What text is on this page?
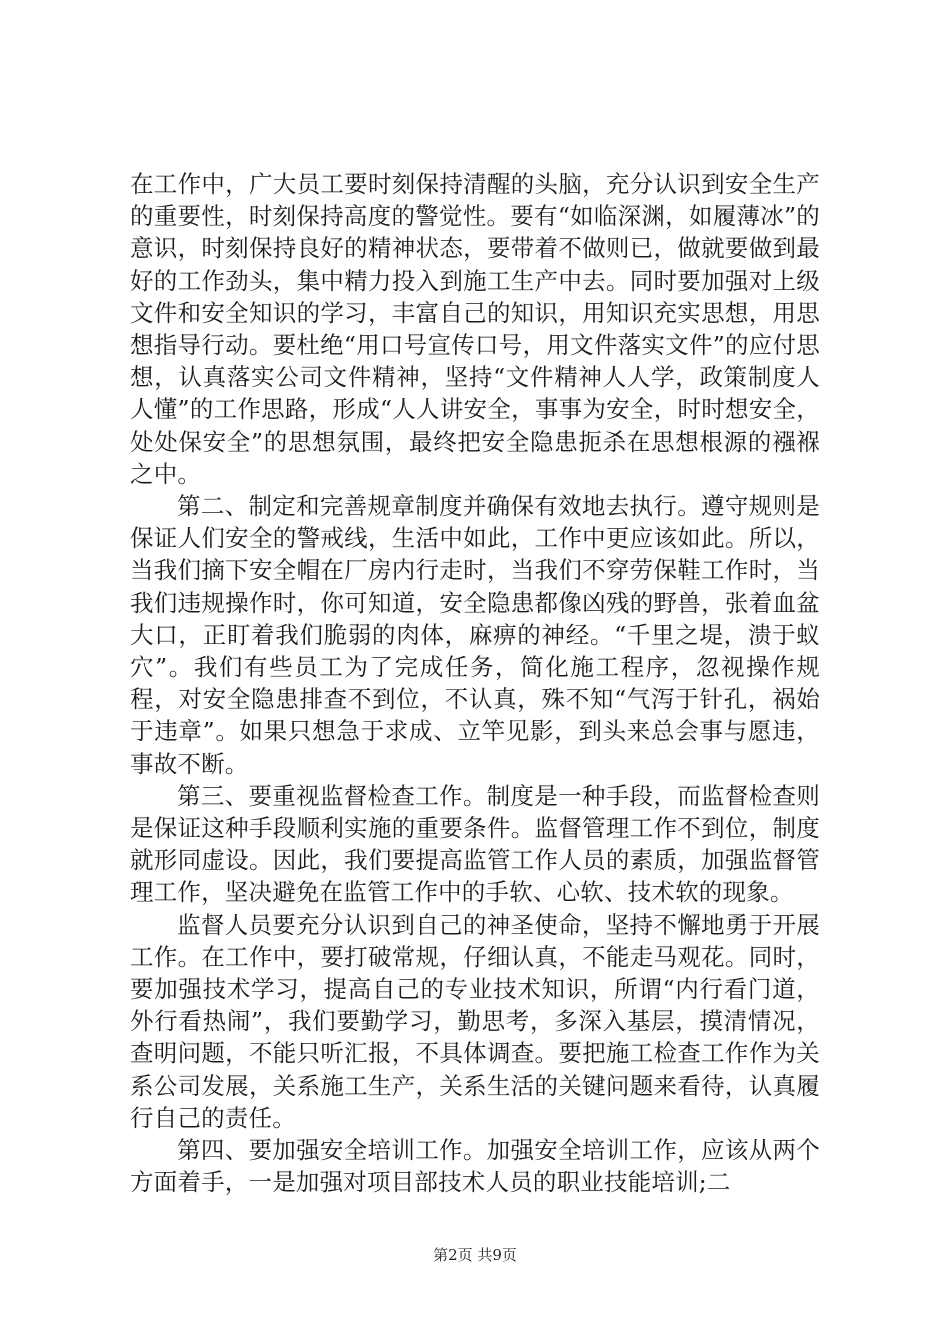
在工作中，广大员工要时刻保持清醒的头脑，充分认识到安全生产的重要性，时刻保持高度的警觉性。要有“如临深渊，如履薄冰”的意识，时刻保持良好的精神状态，要带着不做则已，做就要做到最好的工作劲头，集中精力投入到施工生产中去。同时要加强对上级文件和安全知识的学习，丰富自己的知识，用知识充实思想，用思想指导行动。要杜绝“用口号宣传口号，用文件落实文件”的应付思想，认真落实公司文件精神，坚持“文件精神人人学，政策制度人人懂”的工作思路，形成“人人讲安全，事事为安全，时时想安全，处处保安全”的思想氛围，最终把安全隐患扼杀在思想根源的襁褓之中。

第二、制定和完善规章制度并确保有效地去执行。遵守规则是保证人们安全的警戒线，生活中如此，工作中更应该如此。所以，当我们摘下安全帽在厂房内行走时，当我们不穿劳保鞋工作时，当我们违规操作时，你可知道，安全隐患都像凶残的野兽，张着血盆大口，正盯着我们脆弱的肉体，麻痹的神经。“千里之堤，溃于蚁穴”。我们有些员工为了完成任务，简化施工程序，忽视操作规程，对安全隐患排查不到位，不认真，殊不知“气泻于针孔，祸始于违章”。如果只想急于求成、立竿见影，到头来总会事与愿违，事故不断。

第三、要重视监督检查工作。制度是一种手段，而监督检查则是保证这种手段顺利实施的重要条件。监督管理工作不到位，制度就形同虚设。因此，我们要提高监管工作人员的素质，加强监督管理工作，坚决避免在监管工作中的手软、心软、技术软的现象。

监督人员要充分认识到自己的神圣使命，坚持不懈地勇于开展工作。在工作中，要打破常规，仔细认真，不能走马观花。同时，要加强技术学习，提高自己的专业技术知识，所谓“内行看门道，外行看热闹”，我们要勤学习，勤思考，多深入基层，摸清情况，查明问题，不能只听汇报，不具体调查。要把施工检查工作作为关系公司发展，关系施工生产，关系生活的关键问题来看待，认真履行自己的责任。

第四、要加强安全培训工作。加强安全培训工作，应该从两个方面着手，一是加强对项目部技术人员的职业技能培训;二

第2页 共9页
